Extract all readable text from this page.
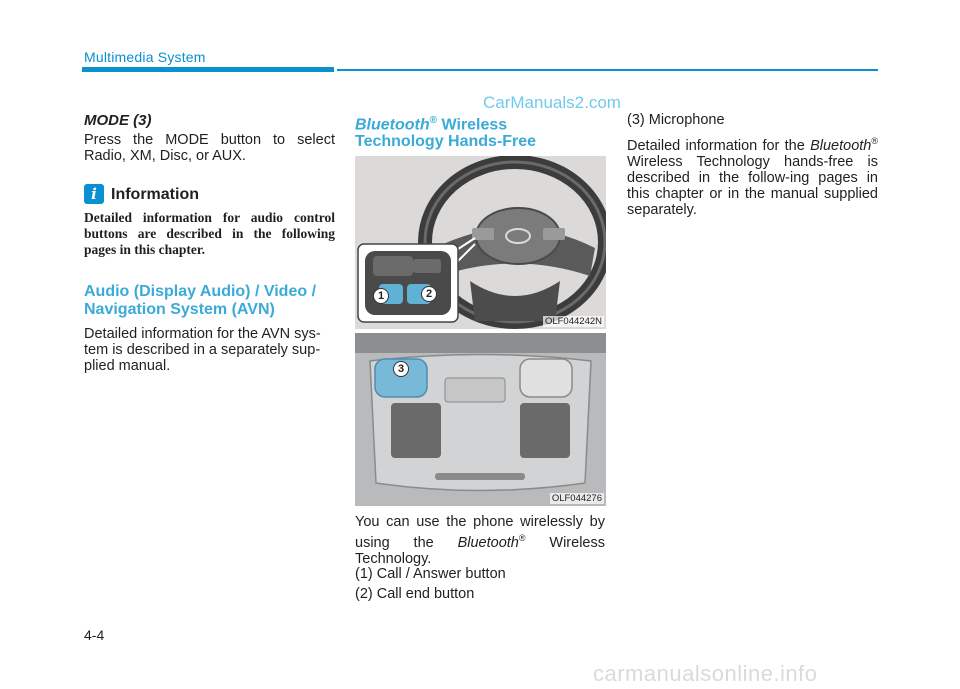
Multimedia System
CarManuals2.com
MODE (3)

Press the MODE button to select Radio, XM, Disc, or AUX.

i Information

Detailed information for audio control buttons are described in the following pages in this chapter.

Audio (Display Audio) / Video /
Navigation System (AVN)

Detailed information for the AVN sys-tem is described in a separately sup-plied manual.

Bluetooth® Wireless
Technology Hands-Free
1	2
OLF044242N
3
OLF044276

You can use the phone wirelessly by using the Bluetooth® Wireless Technology.

(1) Call / Answer button
(2) Call end button

(3) Microphone

Detailed information for the Bluetooth® Wireless Technology hands-free is described in the follow-ing pages in this chapter or in the manual supplied separately.

4-4
carmanualsonline.info
